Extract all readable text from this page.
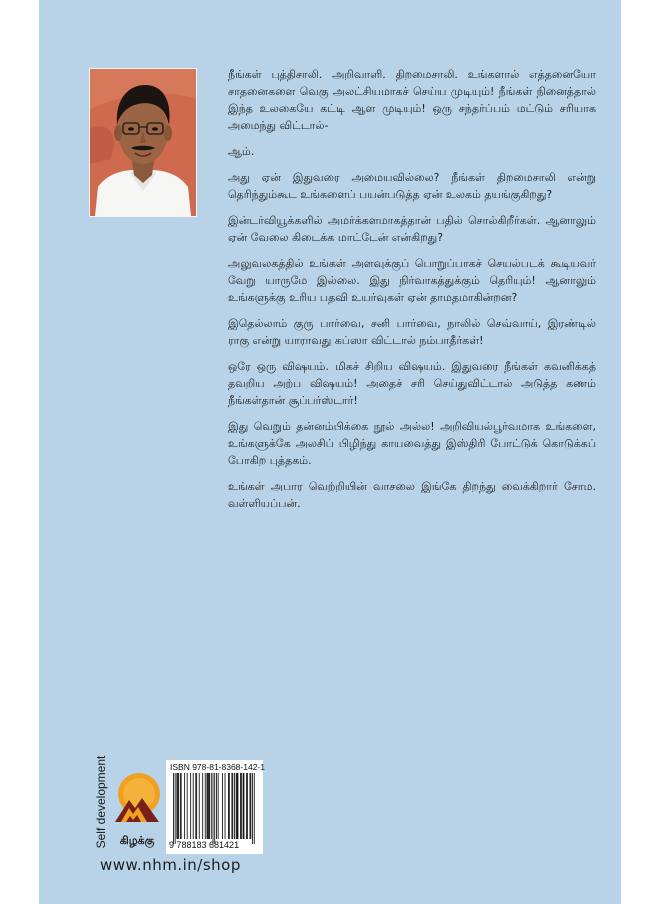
நீங்கள் புத்திசாலி. அறிவாளி. திறமைசாலி. உங்களால் எத்தனையோ சாதனைகளை வெகு அலட்சியமாகச் செய்ய முடியும்! நீங்கள் நினைத்தால் இந்த உலகையே கட்டி ஆள முடியும்! ஒரு சந்தர்ப்பம் மட்டும் சரியாக அமைந்து விட்டால்-

ஆம்.

அது ஏன் இதுவரை அமையவில்லை? நீங்கள் திறமைசாலி என்று தெரிந்தும்கூட உங்களைப் பயன்படுத்த ஏன் உலகம் தயங்குகிறது?

இன்டர்வியூக்களில் அமர்க்களமாகத்தான் பதில் சொல்கிறீர்கள். ஆனாலும் ஏன் வேலை கிடைக்க மாட்டேன் என்கிறது?

அலுவலகத்தில் உங்கள் அளவுக்குப் பொறுப்பாகச் செயல்படக் கூடியவர் வேறு யாருமே இல்லை. இது நிர்வாகத்துக்கும் தெரியும்! ஆனாலும் உங்களுக்கு உரிய பதவி உயர்வுகள் ஏன் தாமதமாகின்றன?

இதெல்லாம் குரு பார்வை, சனி பார்வை, நாலில் செவ்வாய், இரண்டில் ராகு என்று யாராவது கப்ஸா விட்டால் நம்பாதீர்கள்!

ஒரே ஒரு விஷயம். மிகச் சிறிய விஷயம். இதுவரை நீங்கள் கவனிக்கத் தவறிய அற்ப விஷயம்! அதைச் சரி செய்துவிட்டால் அடுத்த கணம் நீங்கள்தான் சூப்பர்ஸ்டார்!

இது வெறும் தன்னம்பிக்கை நூல் அல்ல! அறிவியல்பூர்வமாக உங்களை, உங்களுக்கே அலசிப் பிழிந்து காயவைத்து இஸ்திரி போட்டுக் கொடுக்கப் போகிற புத்தகம்.

உங்கள் அபார வெற்றியின் வாசலை இங்கே திறந்து வைக்கிறார் சோம. வள்ளியப்பன்.

Self development	கிழக்கு
ISBN 978-81-8368-142-1
9 788183 681421
www.nhm.in/shop
